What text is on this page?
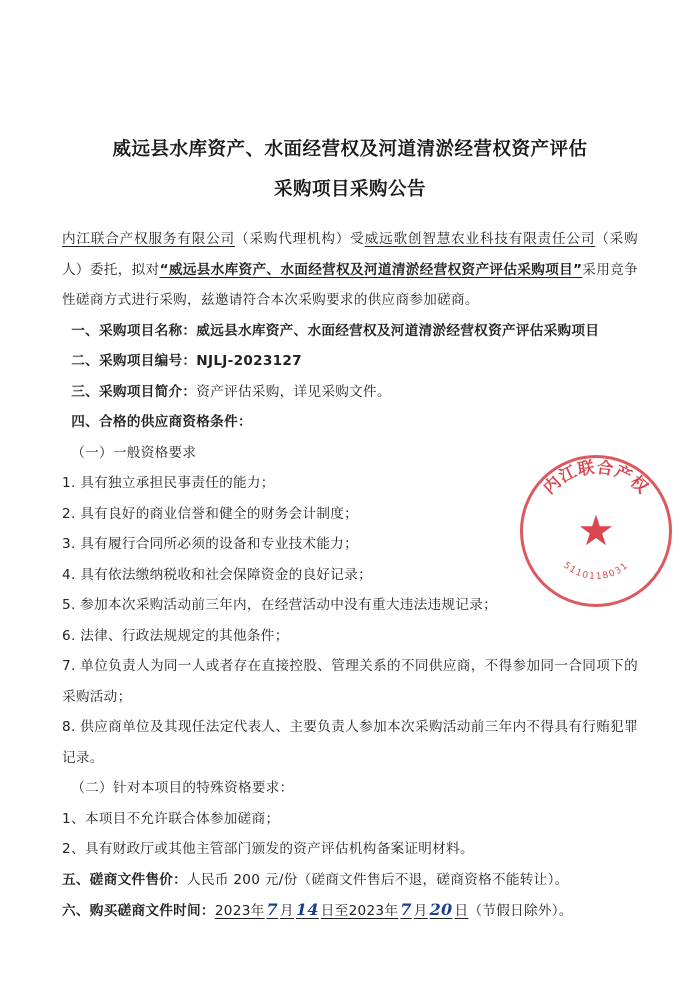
威远县水库资产、水面经营权及河道清淤经营权资产评估
采购项目采购公告

内江联合产权服务有限公司（采购代理机构）受威远歌创智慧农业科技有限责任公司（采购人）委托，拟对“威远县水库资产、水面经营权及河道清淤经营权资产评估采购项目”采用竞争性磋商方式进行采购，兹邀请符合本次采购要求的供应商参加磋商。

一、采购项目名称：威远县水库资产、水面经营权及河道清淤经营权资产评估采购项目

二、采购项目编号：NJLJ-2023127

三、采购项目简介：资产评估采购，详见采购文件。

四、合格的供应商资格条件：

（一）一般资格要求

1. 具有独立承担民事责任的能力；

2. 具有良好的商业信誉和健全的财务会计制度；

3. 具有履行合同所必须的设备和专业技术能力；

4. 具有依法缴纳税收和社会保障资金的良好记录；

5. 参加本次采购活动前三年内，在经营活动中没有重大违法违规记录；

6. 法律、行政法规规定的其他条件；

7. 单位负责人为同一人或者存在直接控股、管理关系的不同供应商，不得参加同一合同项下的采购活动；

8. 供应商单位及其现任法定代表人、主要负责人参加本次采购活动前三年内不得具有行贿犯罪记录。

（二）针对本项目的特殊资格要求：

1、本项目不允许联合体参加磋商；

2、具有财政厅或其他主管部门颁发的资产评估机构备案证明材料。

五、磋商文件售价：人民币 200 元/份（磋商文件售后不退，磋商资格不能转让）。

六、购买磋商文件时间：2023年 7 月 14 日至2023年 7 月 20 日（节假日除外）。

内江联合产权
5110118031
★
